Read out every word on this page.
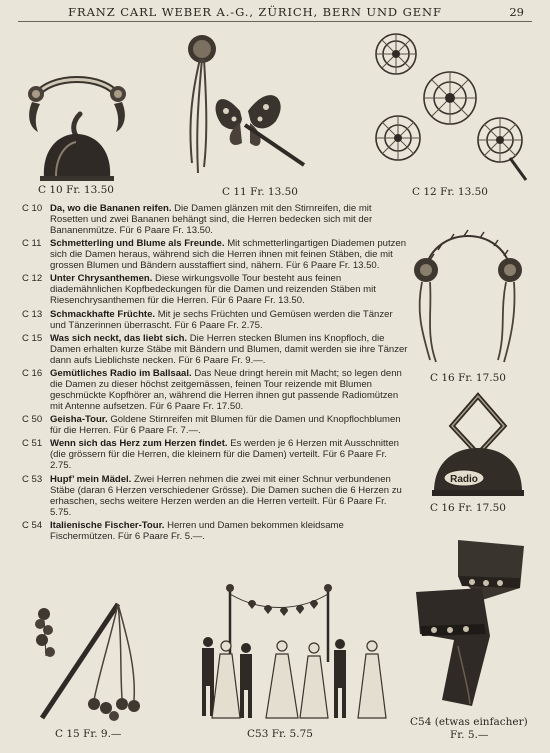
FRANZ CARL WEBER A.-G., ZÜRICH, BERN UND GENF	29
C 10 Fr. 13.50	C 11 Fr. 13.50	C 12 Fr. 13.50
C 16 Fr. 17.50
Radio
C 16 Fr. 17.50
C54 (etwas einfacher)
Fr. 5.—
C 15 Fr. 9.—	C53 Fr. 5.75
C 10 Da, wo die Bananen reifen. Die Damen glänzen mit den Stirnreifen, die mit Rosetten und zwei Bananen behängt sind, die Herren bedecken sich mit der Bananenmütze. Für 6 Paare Fr. 13.50.
C 11 Schmetterling und Blume als Freunde. Mit schmetterlingartigen Diademen putzen sich die Damen heraus, während sich die Herren ihnen mit feinen Stäben, die mit grossen Blumen und Bändern ausstaffiert sind, nähern. Für 6 Paare Fr. 13.50.
C 12 Unter Chrysanthemen. Diese wirkungsvolle Tour besteht aus feinen diademähnlichen Kopfbedeckungen für die Damen und reizenden Stäben mit Riesenchrysanthemen für die Herren. Für 6 Paare Fr. 13.50.
C 13 Schmackhafte Früchte. Mit je sechs Früchten und Gemüsen werden die Tänzer und Tänzerinnen überrascht. Für 6 Paare Fr. 2.75.
C 15 Was sich neckt, das liebt sich. Die Herren stecken Blumen ins Knopfloch, die Damen erhalten kurze Stäbe mit Bändern und Blumen, damit werden sie ihre Tänzer dann aufs Lieblichste necken. Für 6 Paare Fr. 9.—.
C 16 Gemütliches Radio im Ballsaal. Das Neue dringt herein mit Macht; so legen denn die Damen zu dieser höchst zeitgemässen, feinen Tour reizende mit Blumen geschmückte Kopfhörer an, während die Herren ihnen gut passende Radiomützen mit Antenne aufsetzen. Für 6 Paare Fr. 17.50.
C 50 Geisha-Tour. Goldene Stirnreifen mit Blumen für die Damen und Knopflochblumen für die Herren. Für 6 Paare Fr. 7.—.
C 51 Wenn sich das Herz zum Herzen findet. Es werden je 6 Herzen mit Ausschnitten (die grössern für die Herren, die kleinern für die Damen) verteilt. Für 6 Paare Fr. 2.75.
C 53 Hupf’ mein Mädel. Zwei Herren nehmen die zwei mit einer Schnur verbundenen Stäbe (daran 6 Herzen verschiedener Grösse). Die Damen suchen die 6 Herzen zu erhaschen, sechs weitere Herzen werden an die Herren verteilt. Für 6 Paare Fr. 5.75.
C 54 Italienische Fischer-Tour. Herren und Damen bekommen kleidsame Fischermützen. Für 6 Paare Fr. 5.—.
